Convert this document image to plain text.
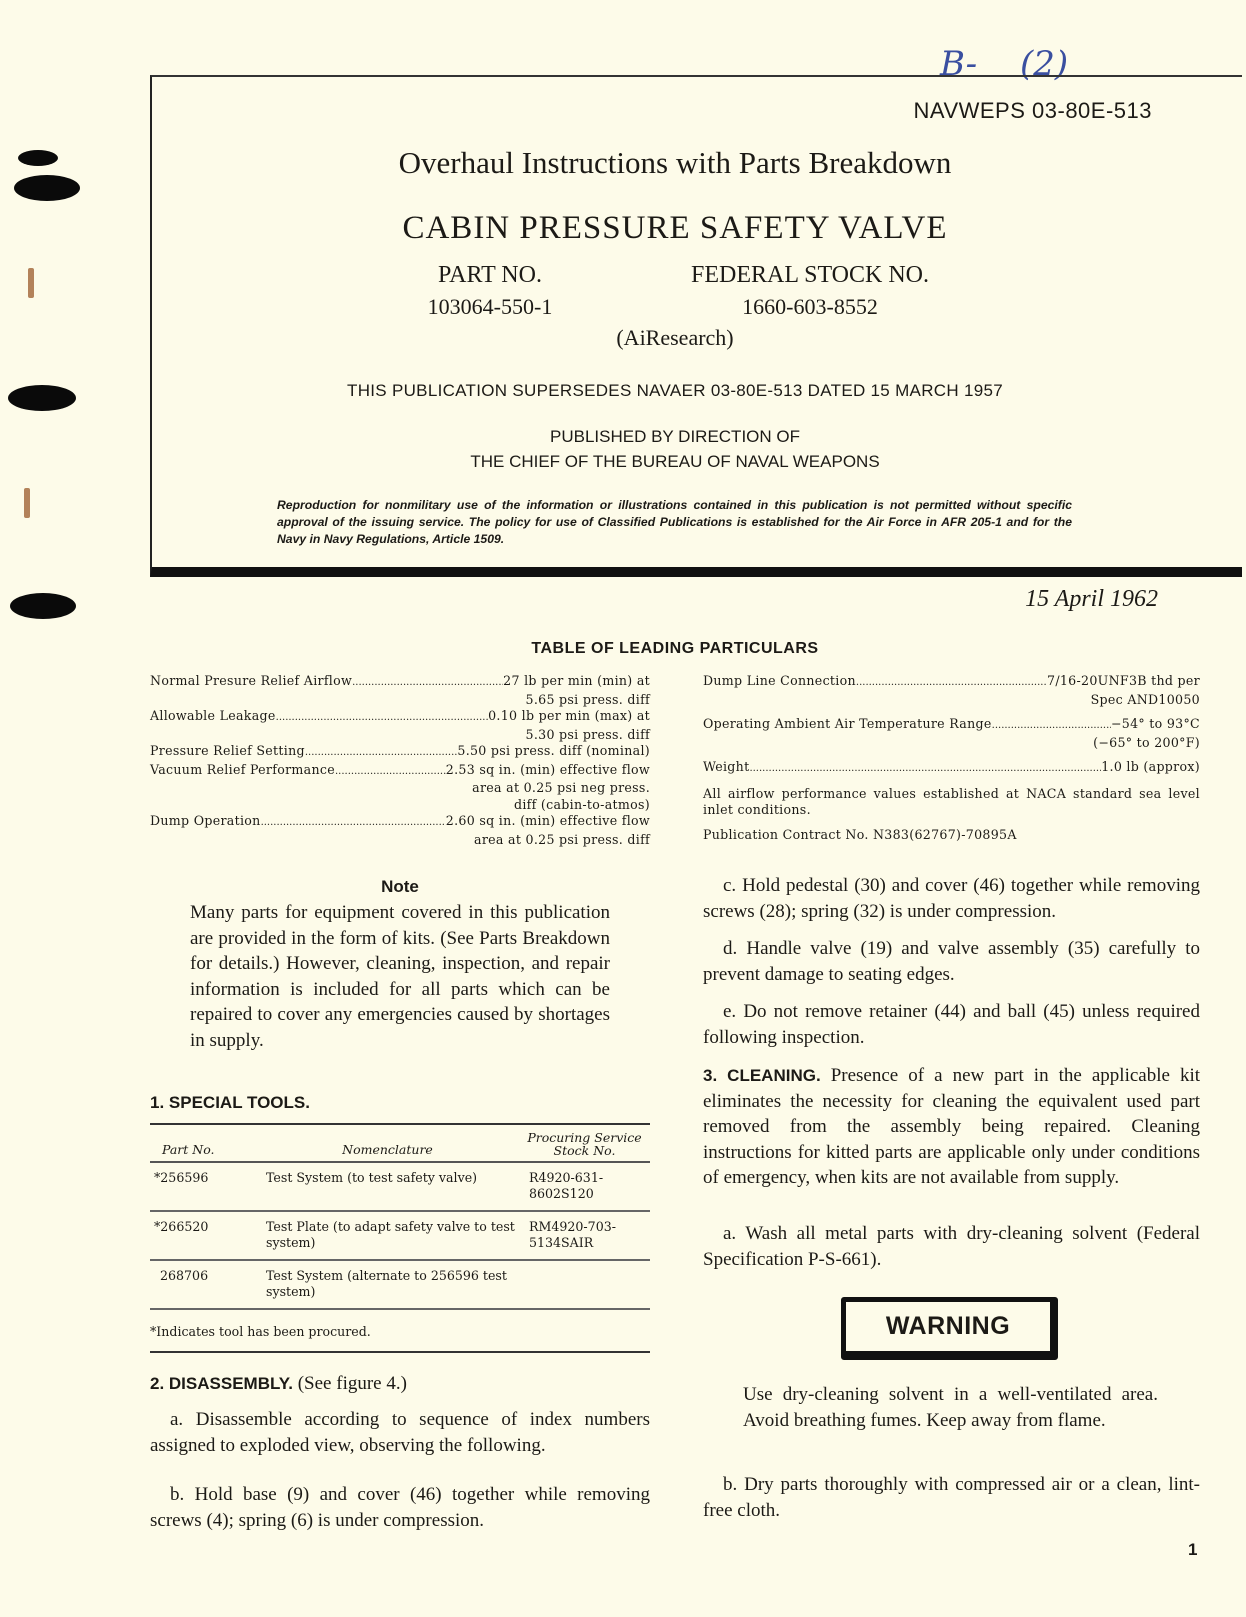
B- (2)
NAVWEPS 03-80E-513
Overhaul Instructions with Parts Breakdown
CABIN PRESSURE SAFETY VALVE
PART NO.	FEDERAL STOCK NO.
103064-550-1	1660-603-8552
(AiResearch)
THIS PUBLICATION SUPERSEDES NAVAER 03-80E-513 DATED 15 MARCH 1957
PUBLISHED BY DIRECTION OF
THE CHIEF OF THE BUREAU OF NAVAL WEAPONS
Reproduction for nonmilitary use of the information or illustrations contained in this publication is not permitted without specific approval of the issuing service. The policy for use of Classified Publications is established for the Air Force in AFR 205-1 and for the Navy in Navy Regulations, Article 1509.
15 April 1962
TABLE OF LEADING PARTICULARS
Normal Presure Relief Airflow .....	27 lb per min (min) at
5.65 psi press. diff
Allowable Leakage .....	0.10 lb per min (max) at
5.30 psi press. diff
Pressure Relief Setting .....	5.50 psi press. diff (nominal)
Vacuum Relief Performance .....	2.53 sq in. (min) effective flow
area at 0.25 psi neg press.
diff (cabin-to-atmos)
Dump Operation .....	2.60 sq in. (min) effective flow
area at 0.25 psi press. diff
Dump Line Connection .....	7/16-20UNF3B thd per
Spec AND10050
Operating Ambient Air Temperature Range .....	−54° to 93°C
(−65° to 200°F)
Weight .....	1.0 lb (approx)
All airflow performance values established at NACA standard sea level inlet conditions.
Publication Contract No. N383(62767)-70895A
Note
Many parts for equipment covered in this publication are provided in the form of kits. (See Parts Breakdown for details.) However, cleaning, inspection, and repair information is included for all parts which can be repaired to cover any emergencies caused by shortages in supply.
1. SPECIAL TOOLS.
Part No.	Nomenclature	Procuring Service Stock No.
*256596	Test System (to test safety valve)	R4920-631-8602S120
*266520	Test Plate (to adapt safety valve to test system)	RM4920-703-5134SAIR
268706	Test System (alternate to 256596 test system)	
*Indicates tool has been procured.
2. DISASSEMBLY. (See figure 4.)
a. Disassemble according to sequence of index numbers assigned to exploded view, observing the following.
b. Hold base (9) and cover (46) together while removing screws (4); spring (6) is under compression.
c. Hold pedestal (30) and cover (46) together while removing screws (28); spring (32) is under compression.
d. Handle valve (19) and valve assembly (35) carefully to prevent damage to seating edges.
e. Do not remove retainer (44) and ball (45) unless required following inspection.
3. CLEANING. Presence of a new part in the applicable kit eliminates the necessity for cleaning the equivalent used part removed from the assembly being repaired. Cleaning instructions for kitted parts are applicable only under conditions of emergency, when kits are not available from supply.
a. Wash all metal parts with dry-cleaning solvent (Federal Specification P-S-661).
WARNING
Use dry-cleaning solvent in a well-ventilated area. Avoid breathing fumes. Keep away from flame.
b. Dry parts thoroughly with compressed air or a clean, lint-free cloth.
1
